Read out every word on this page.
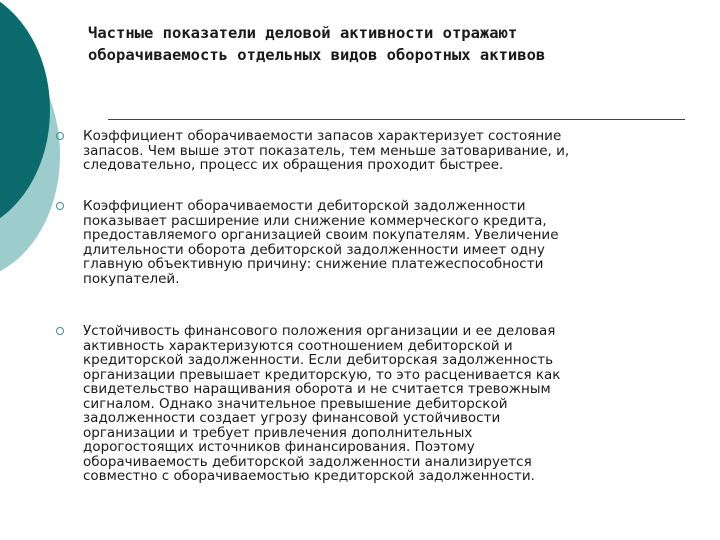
Частные показатели деловой активности отражают
оборачиваемость отдельных видов оборотных активов
Коэффициент оборачиваемости запасов характеризует состояние
запасов. Чем выше этот показатель, тем меньше затоваривание, и,
следовательно, процесс их обращения проходит быстрее.
Коэффициент оборачиваемости дебиторской задолженности
показывает расширение или снижение коммерческого кредита,
предоставляемого организацией своим покупателям. Увеличение
длительности оборота дебиторской задолженности имеет одну
главную объективную причину: снижение платежеспособности
покупателей.
Устойчивость финансового положения организации и ее деловая
активность характеризуются соотношением дебиторской и
кредиторской задолженности. Если дебиторская задолженность
организации превышает кредиторскую, то это расценивается как
свидетельство наращивания оборота и не считается тревожным
сигналом. Однако значительное превышение дебиторской
задолженности создает угрозу финансовой устойчивости
организации и требует привлечения дополнительных
дорогостоящих источников финансирования. Поэтому
оборачиваемость дебиторской задолженности анализируется
совместно с оборачиваемостью кредиторской задолженности.
